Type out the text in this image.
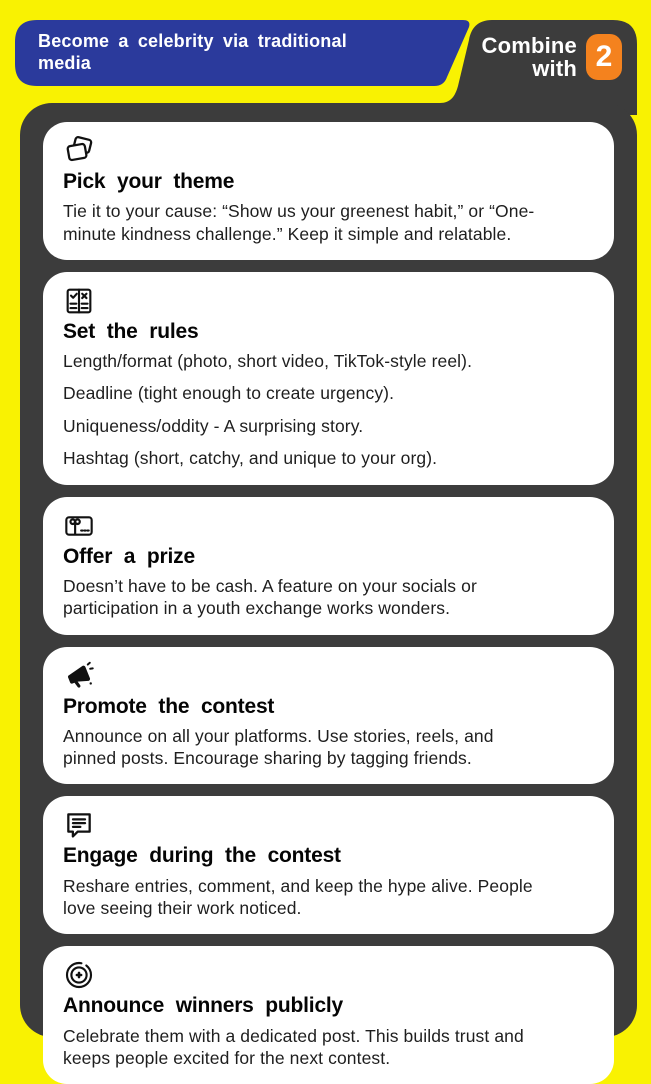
Become a celebrity via traditional media
Combine
with 2
Pick your theme

Tie it to your cause: “Show us your greenest habit,” or “One-minute kindness challenge.” Keep it simple and relatable.

Set the rules

Length/format (photo, short video, TikTok-style reel).

Deadline (tight enough to create urgency).

Uniqueness/oddity - A surprising story.

Hashtag (short, catchy, and unique to your org).

Offer a prize

Doesn’t have to be cash. A feature on your socials or participation in a youth exchange works wonders.

Promote the contest

Announce on all your platforms. Use stories, reels, and pinned posts. Encourage sharing by tagging friends.

Engage during the contest

Reshare entries, comment, and keep the hype alive. People love seeing their work noticed.

Announce winners publicly

Celebrate them with a dedicated post. This builds trust and keeps people excited for the next contest.
